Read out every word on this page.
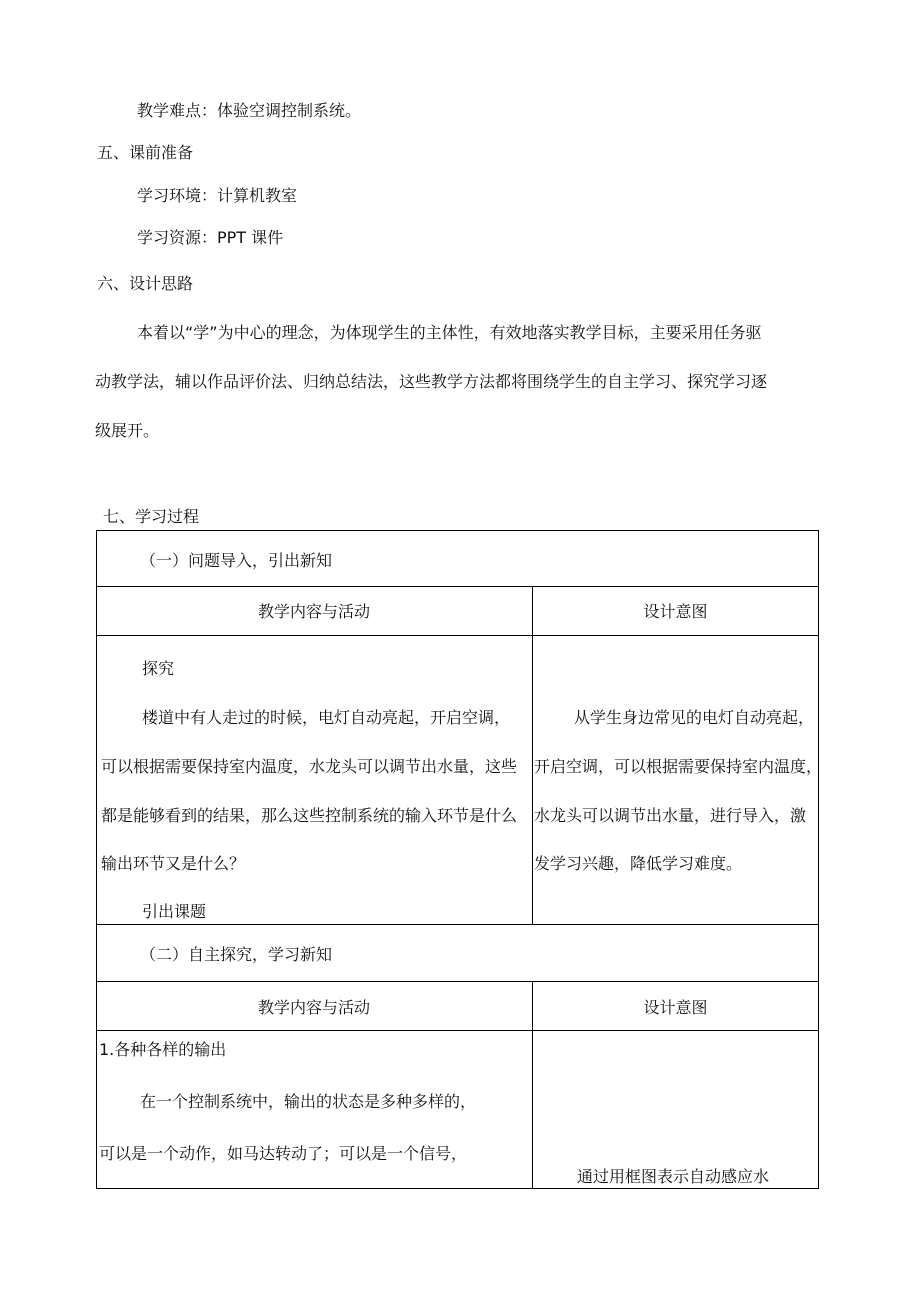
教学难点：体验空调控制系统。
五、课前准备
学习环境：计算机教室
学习资源：PPT 课件
六、设计思路
本着以“学”为中心的理念，为体现学生的主体性，有效地落实教学目标，主要采用任务驱
动教学法，辅以作品评价法、归纳总结法，这些教学方法都将围绕学生的自主学习、探究学习逐
级展开。
七、学习过程
（一）问题导入，引出新知
教学内容与活动	设计意图
探究
楼道中有人走过的时候，电灯自动亮起，开启空调，
可以根据需要保持室内温度，水龙头可以调节出水量，这些
都是能够看到的结果，那么这些控制系统的输入环节是什么
输出环节又是什么？
引出课题
从学生身边常见的电灯自动亮起，
开启空调，可以根据需要保持室内温度，
水龙头可以调节出水量，进行导入，激
发学习兴趣，降低学习难度。
（二）自主探究，学习新知
教学内容与活动	设计意图
1.各种各样的输出
在一个控制系统中，输出的状态是多种多样的，
可以是一个动作，如马达转动了；可以是一个信号，
通过用框图表示自动感应水
